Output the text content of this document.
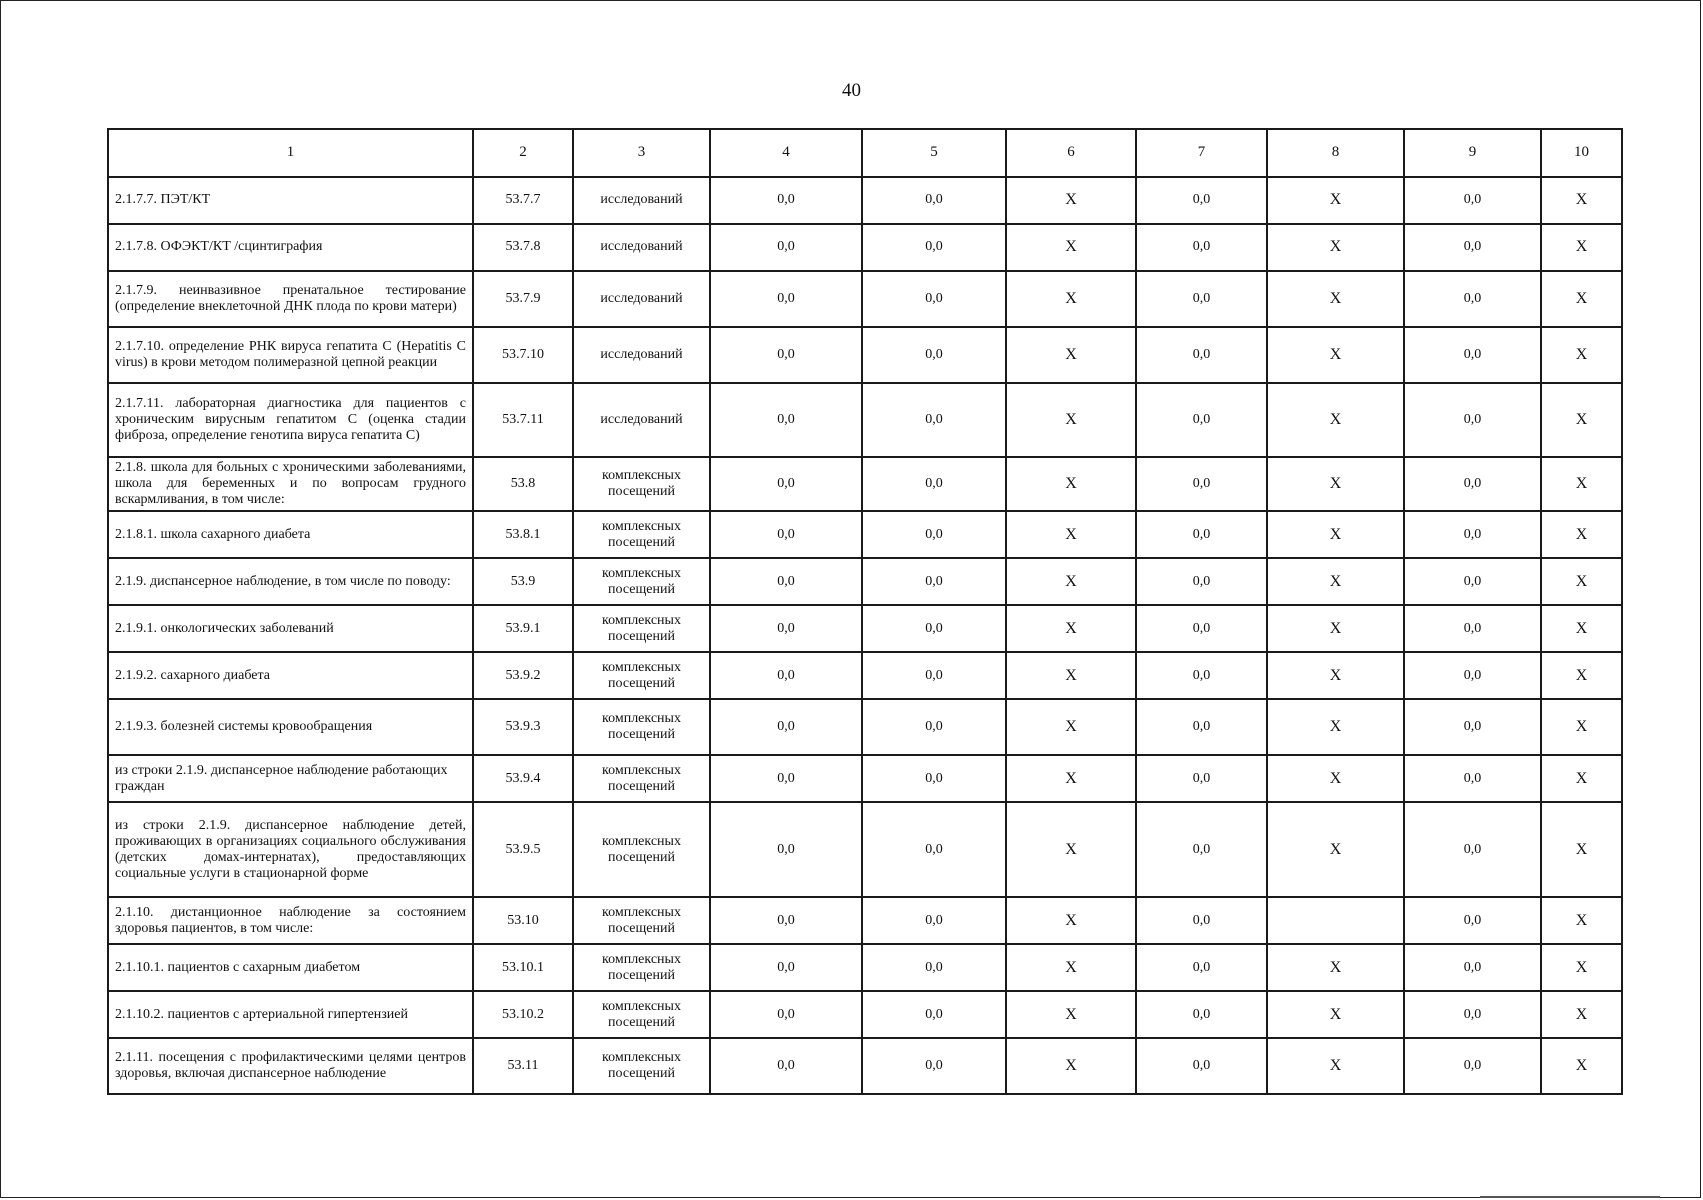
40
1	2	3	4	5	6	7	8	9	10
2.1.7.7. ПЭТ/КТ	53.7.7	исследований	0,0	0,0	X	0,0	X	0,0	X
2.1.7.8. ОФЭКТ/КТ /сцинтиграфия	53.7.8	исследований	0,0	0,0	X	0,0	X	0,0	X
2.1.7.9. неинвазивное пренатальное тестирование (определение внеклеточной ДНК плода по крови матери)	53.7.9	исследований	0,0	0,0	X	0,0	X	0,0	X
2.1.7.10. определение РНК вируса гепатита С (Hepatitis C virus) в крови методом полимеразной цепной реакции	53.7.10	исследований	0,0	0,0	X	0,0	X	0,0	X
2.1.7.11. лабораторная диагностика для пациентов с хроническим вирусным гепатитом С (оценка стадии фиброза, определение генотипа вируса гепатита С)	53.7.11	исследований	0,0	0,0	X	0,0	X	0,0	X
2.1.8. школа для больных с хроническими заболеваниями, школа для беременных и по вопросам грудного вскармливания, в том числе:	53.8	комплексных посещений	0,0	0,0	X	0,0	X	0,0	X
2.1.8.1. школа сахарного диабета	53.8.1	комплексных посещений	0,0	0,0	X	0,0	X	0,0	X
2.1.9. диспансерное наблюдение, в том числе по поводу:	53.9	комплексных посещений	0,0	0,0	X	0,0	X	0,0	X
2.1.9.1. онкологических заболеваний	53.9.1	комплексных посещений	0,0	0,0	X	0,0	X	0,0	X
2.1.9.2. сахарного диабета	53.9.2	комплексных посещений	0,0	0,0	X	0,0	X	0,0	X
2.1.9.3. болезней системы кровообращения	53.9.3	комплексных посещений	0,0	0,0	X	0,0	X	0,0	X
из строки 2.1.9. диспансерное наблюдение работающих граждан	53.9.4	комплексных посещений	0,0	0,0	X	0,0	X	0,0	X
из строки 2.1.9. диспансерное наблюдение детей, проживающих в организациях социального обслуживания (детских домах-интернатах), предоставляющих социальные услуги в стационарной форме	53.9.5	комплексных посещений	0,0	0,0	X	0,0	X	0,0	X
2.1.10. дистанционное наблюдение за состоянием здоровья пациентов, в том числе:	53.10	комплексных посещений	0,0	0,0	X	0,0		0,0	X
2.1.10.1. пациентов с сахарным диабетом	53.10.1	комплексных посещений	0,0	0,0	X	0,0	X	0,0	X
2.1.10.2. пациентов с артериальной гипертензией	53.10.2	комплексных посещений	0,0	0,0	X	0,0	X	0,0	X
2.1.11. посещения с профилактическими целями центров здоровья, включая диспансерное наблюдение	53.11	комплексных посещений	0,0	0,0	X	0,0	X	0,0	X
